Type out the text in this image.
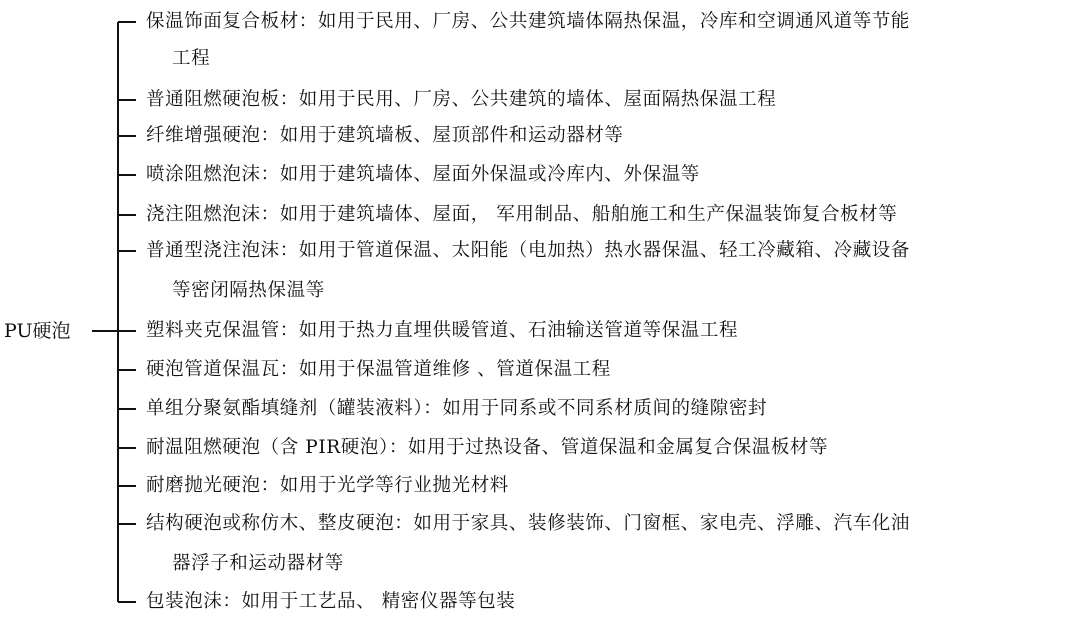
PU硬泡
保温饰面复合板材：如用于民用、厂房、公共建筑墙体隔热保温，冷库和空调通风道等节能
工程
普通阻燃硬泡板：如用于民用、厂房、公共建筑的墙体、屋面隔热保温工程
纤维增强硬泡：如用于建筑墙板、屋顶部件和运动器材等
喷涂阻燃泡沫：如用于建筑墙体、屋面外保温或冷库内、外保温等
浇注阻燃泡沫：如用于建筑墙体、屋面， 军用制品、船舶施工和生产保温装饰复合板材等
普通型浇注泡沫：如用于管道保温、太阳能（电加热）热水器保温、轻工冷藏箱、冷藏设备
等密闭隔热保温等
塑料夹克保温管：如用于热力直埋供暖管道、石油输送管道等保温工程
硬泡管道保温瓦：如用于保温管道维修 、管道保温工程
单组分聚氨酯填缝剂（罐装液料）：如用于同系或不同系材质间的缝隙密封
耐温阻燃硬泡（含 PIR硬泡）：如用于过热设备、管道保温和金属复合保温板材等
耐磨抛光硬泡：如用于光学等行业抛光材料
结构硬泡或称仿木、整皮硬泡：如用于家具、装修装饰、门窗框、家电壳、浮雕、汽车化油
器浮子和运动器材等
包装泡沫：如用于工艺品、 精密仪器等包装
